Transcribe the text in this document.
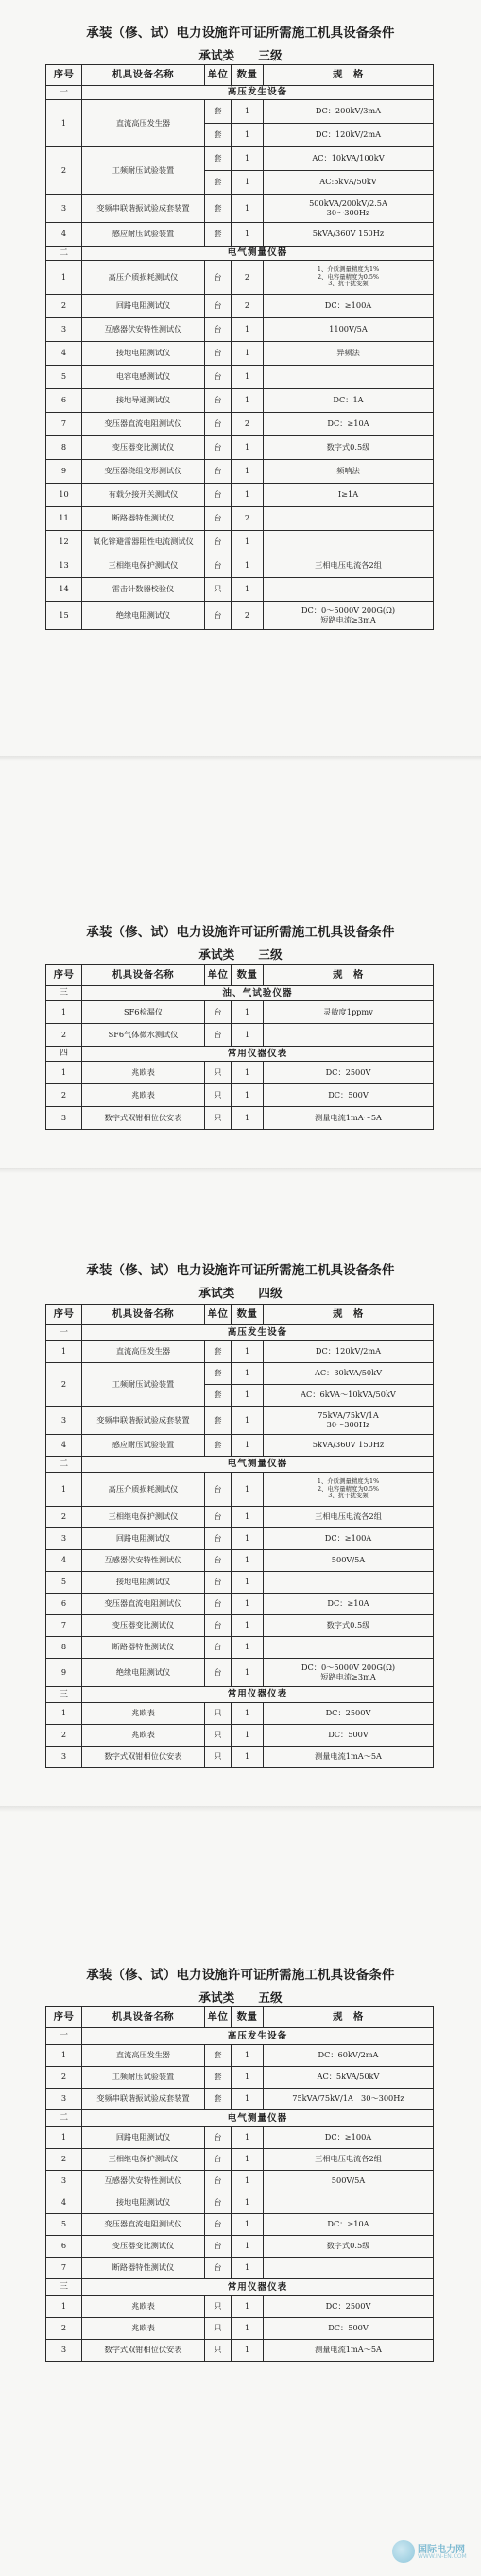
承装（修、试）电力设施许可证所需施工机具设备条件
承试类　　三级
序号	机具设备名称	单位	数量	规　格
一	高压发生设备			
1	直流高压发生器	套	1	DC：200kV/3mA
		套	1	DC：120kV/2mA
2	工频耐压试验装置	套	1	AC：10kVA/100kV
		套	1	AC:5kVA/50kV
3	变频串联谐振试验成套装置	套	1	500kVA/200kV/2.5A
30～300Hz
4	感应耐压试验装置	套	1	5kVA/360V 150Hz
二	电气测量仪器			
1	高压介质损耗测试仪	台	2	1、介质测量精度为1%
2、电容量精度为0.5%
3、抗干扰变频
2	回路电阻测试仪	台	2	DC：≥100A
3	互感器伏安特性测试仪	台	1	1100V/5A
4	接地电阻测试仪	台	1	异频法
5	电容电感测试仪	台	1	
6	接地导通测试仪	台	1	DC：1A
7	变压器直流电阻测试仪	台	2	DC：≥10A
8	变压器变比测试仪	台	1	数字式0.5级
9	变压器绕组变形测试仪	台	1	频响法
10	有载分接开关测试仪	台	1	I≥1A
11	断路器特性测试仪	台	2	
12	氧化锌避雷器阻性电流测试仪	台	1	
13	三相继电保护测试仪	台	1	三相电压电流各2组
14	雷击计数器校验仪	只	1	
15	绝缘电阻测试仪	台	2	DC：0～5000V 200G(Ω)
短路电流≥3mA
承装（修、试）电力设施许可证所需施工机具设备条件
承试类　　三级
序号	机具设备名称	单位	数量	规　格
三	油、气试验仪器			
1	SF6检漏仪	台	1	灵敏度1ppmv
2	SF6气体微水测试仪	台	1	
四	常用仪器仪表			
1	兆欧表	只	1	DC：2500V
2	兆欧表	只	1	DC：500V
3	数字式双钳相位伏安表	只	1	测量电流1mA～5A
承装（修、试）电力设施许可证所需施工机具设备条件
承试类　　四级
序号	机具设备名称	单位	数量	规　格
一	高压发生设备			
1	直流高压发生器	套	1	DC：120kV/2mA
2	工频耐压试验装置	套	1	AC：30kVA/50kV
		套	1	AC：6kVA～10kVA/50kV
3	变频串联谐振试验成套装置	套	1	75kVA/75kV/1A
30～300Hz
4	感应耐压试验装置	套	1	5kVA/360V 150Hz
二	电气测量仪器			
1	高压介质损耗测试仪	台	1	1、介质测量精度为1%
2、电容量精度为0.5%
3、抗干扰变频
2	三相继电保护测试仪	台	1	三相电压电流各2组
3	回路电阻测试仪	台	1	DC：≥100A
4	互感器伏安特性测试仪	台	1	500V/5A
5	接地电阻测试仪	台	1	
6	变压器直流电阻测试仪	台	1	DC：≥10A
7	变压器变比测试仪	台	1	数字式0.5级
8	断路器特性测试仪	台	1	
9	绝缘电阻测试仪	台	1	DC：0～5000V 200G(Ω)
短路电流≥3mA
三	常用仪器仪表			
1	兆欧表	只	1	DC：2500V
2	兆欧表	只	1	DC：500V
3	数字式双钳相位伏安表	只	1	测量电流1mA～5A
承装（修、试）电力设施许可证所需施工机具设备条件
承试类　　五级
序号	机具设备名称	单位	数量	规　格
一	高压发生设备			
1	直流高压发生器	套	1	DC：60kV/2mA
2	工频耐压试验装置	套	1	AC：5kVA/50kV
3	变频串联谐振试验成套装置	套	1	75kVA/75kV/1A　30～300Hz
二	电气测量仪器			
1	回路电阻测试仪	台	1	DC：≥100A
2	三相继电保护测试仪	台	1	三相电压电流各2组
3	互感器伏安特性测试仪	台	1	500V/5A
4	接地电阻测试仪	台	1	
5	变压器直流电阻测试仪	台	1	DC：≥10A
6	变压器变比测试仪	台	1	数字式0.5级
7	断路器特性测试仪	台	1	
三	常用仪器仪表			
1	兆欧表	只	1	DC：2500V
2	兆欧表	只	1	DC：500V
3	数字式双钳相位伏安表	只	1	测量电流1mA～5A
国际电力网
WWW.IN-EN.COM
